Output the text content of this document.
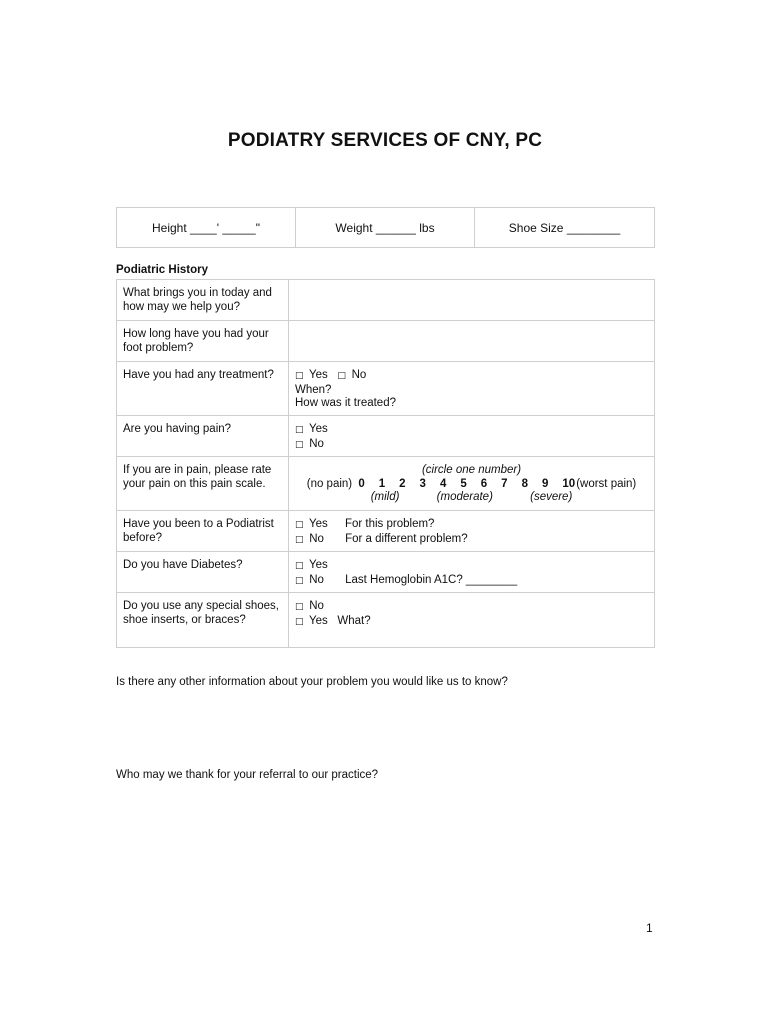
PODIATRY SERVICES OF CNY, PC
Height ____' _____"	Weight ______ lbs	Shoe Size ________
Podiatric History
What brings you in today and how may we help you?	
How long have you had your foot problem?	
Have you had any treatment?	□ Yes □ No
When?
How was it treated?
Are you having pain?	□ Yes
□ No
If you are in pain, please rate your pain on this pain scale.	(circle one number)
(no pain) 0 1 2 3 4 5 6 7 8 9 10(worst pain)
(mild) (moderate) (severe)

Have you been to a Podiatrist before?	□ Yes For this problem?
□ No For a different problem?
Do you have Diabetes?	□ Yes
□ No Last Hemoglobin A1C? ________
Do you use any special shoes, shoe inserts, or braces?	□ No
□ Yes What?
Is there any other information about your problem you would like us to know?
Who may we thank for your referral to our practice?
1
